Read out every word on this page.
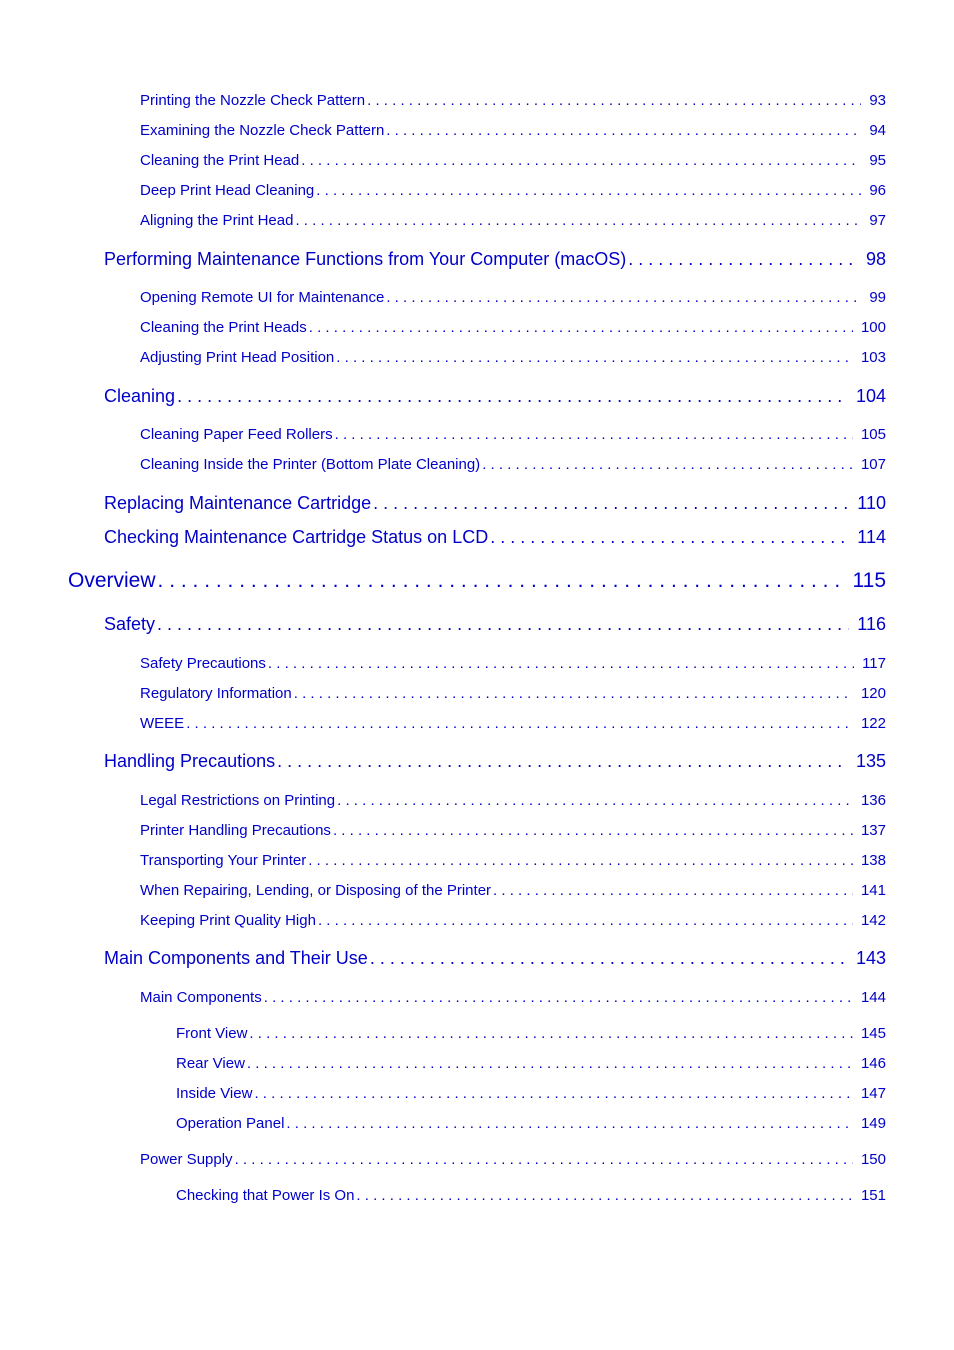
Printing the Nozzle Check Pattern . . .	93
Examining the Nozzle Check Pattern . . .	94
Cleaning the Print Head . . .	95
Deep Print Head Cleaning . . .	96
Aligning the Print Head . . .	97
Performing Maintenance Functions from Your Computer (macOS) . . .	98
Opening Remote UI for Maintenance . . .	99
Cleaning the Print Heads . . .	100
Adjusting Print Head Position . . .	103
Cleaning . . .	104
Cleaning Paper Feed Rollers . . .	105
Cleaning Inside the Printer (Bottom Plate Cleaning) . . .	107
Replacing Maintenance Cartridge . . .	110
Checking Maintenance Cartridge Status on LCD . . .	114
Overview . . .	115
Safety . . .	116
Safety Precautions . . .	117
Regulatory Information . . .	120
WEEE . . .	122
Handling Precautions . . .	135
Legal Restrictions on Printing . . .	136
Printer Handling Precautions . . .	137
Transporting Your Printer . . .	138
When Repairing, Lending, or Disposing of the Printer . . .	141
Keeping Print Quality High . . .	142
Main Components and Their Use . . .	143
Main Components . . .	144
Front View . . .	145
Rear View . . .	146
Inside View . . .	147
Operation Panel . . .	149
Power Supply . . .	150
Checking that Power Is On . . .	151
